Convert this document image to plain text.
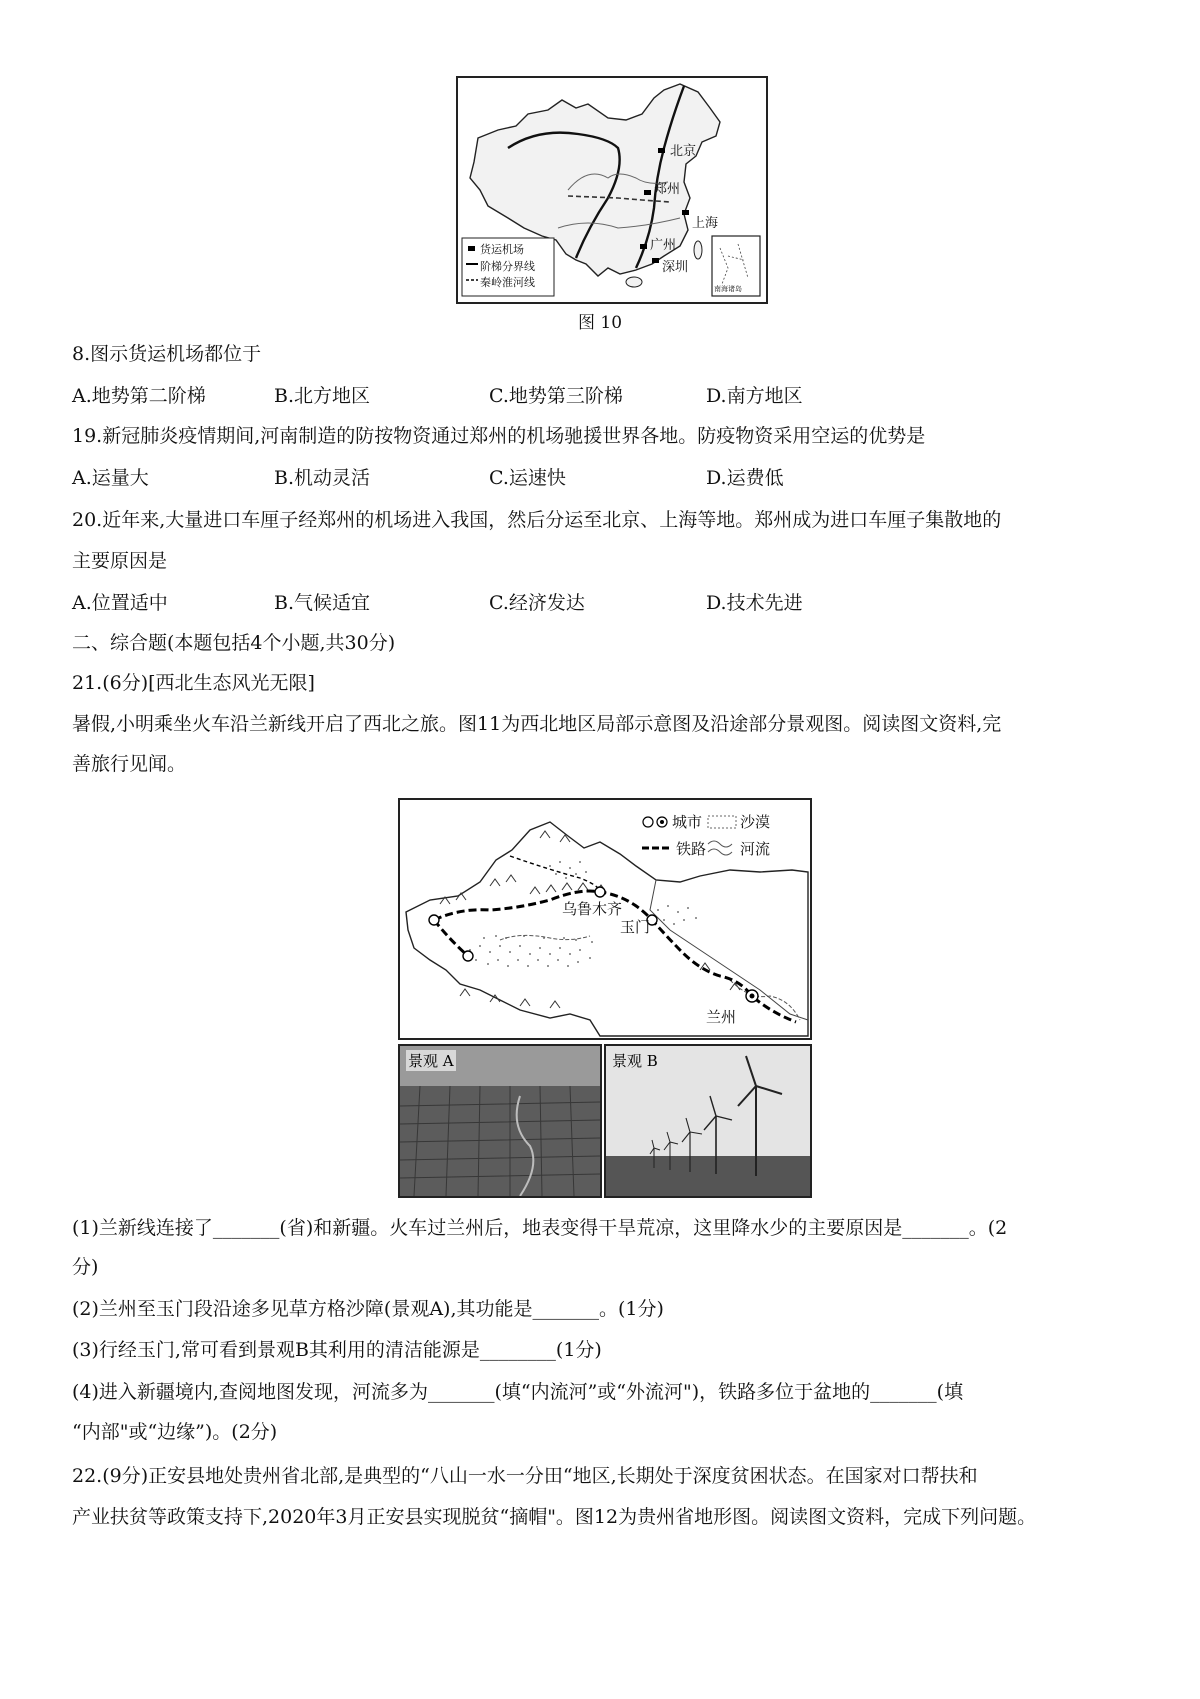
北京
郑州
上海
广州
深圳
货运机场
阶梯分界线
秦岭淮河线	南海诸岛
图 10
8.图示货运机场都位于
A.地势第二阶梯	B.北方地区	C.地势第三阶梯	D.南方地区
19.新冠肺炎疫情期间,河南制造的防按物资通过郑州的机场驰援世界各地。防疫物资采用空运的优势是
A.运量大	B.机动灵活	C.运速快	D.运费低
20.近年来,大量进口车厘子经郑州的机场进入我国，然后分运至北京、上海等地。郑州成为进口车厘子集散地的
主要原因是
A.位置适中	B.气候适宜	C.经济发达	D.技术先进
二、综合题(本题包括4个小题,共30分)
21.(6分)[西北生态风光无限]
暑假,小明乘坐火车沿兰新线开启了西北之旅。图11为西北地区局部示意图及沿途部分景观图。阅读图文资料,完
善旅行见闻。
城市	沙漠
铁路 河流
乌鲁木齐
玉门
兰州
景观 A	景观 B
(1)兰新线连接了_______(省)和新疆。火车过兰州后，地表变得干旱荒凉，这里降水少的主要原因是_______。(2
分)
(2)兰州至玉门段沿途多见草方格沙障(景观A),其功能是_______。(1分)
(3)行经玉门,常可看到景观B其利用的清洁能源是________(1分)
(4)进入新疆境内,查阅地图发现，河流多为_______(填“内流河”或“外流河")，铁路多位于盆地的_______(填
“内部"或“边缘”)。(2分)
22.(9分)正安县地处贵州省北部,是典型的“八山一水一分田“地区,长期处于深度贫困状态。在国家对口帮扶和
产业扶贫等政策支持下,2020年3月正安县实现脱贫“摘帽"。图12为贵州省地形图。阅读图文资料，完成下列问题。
